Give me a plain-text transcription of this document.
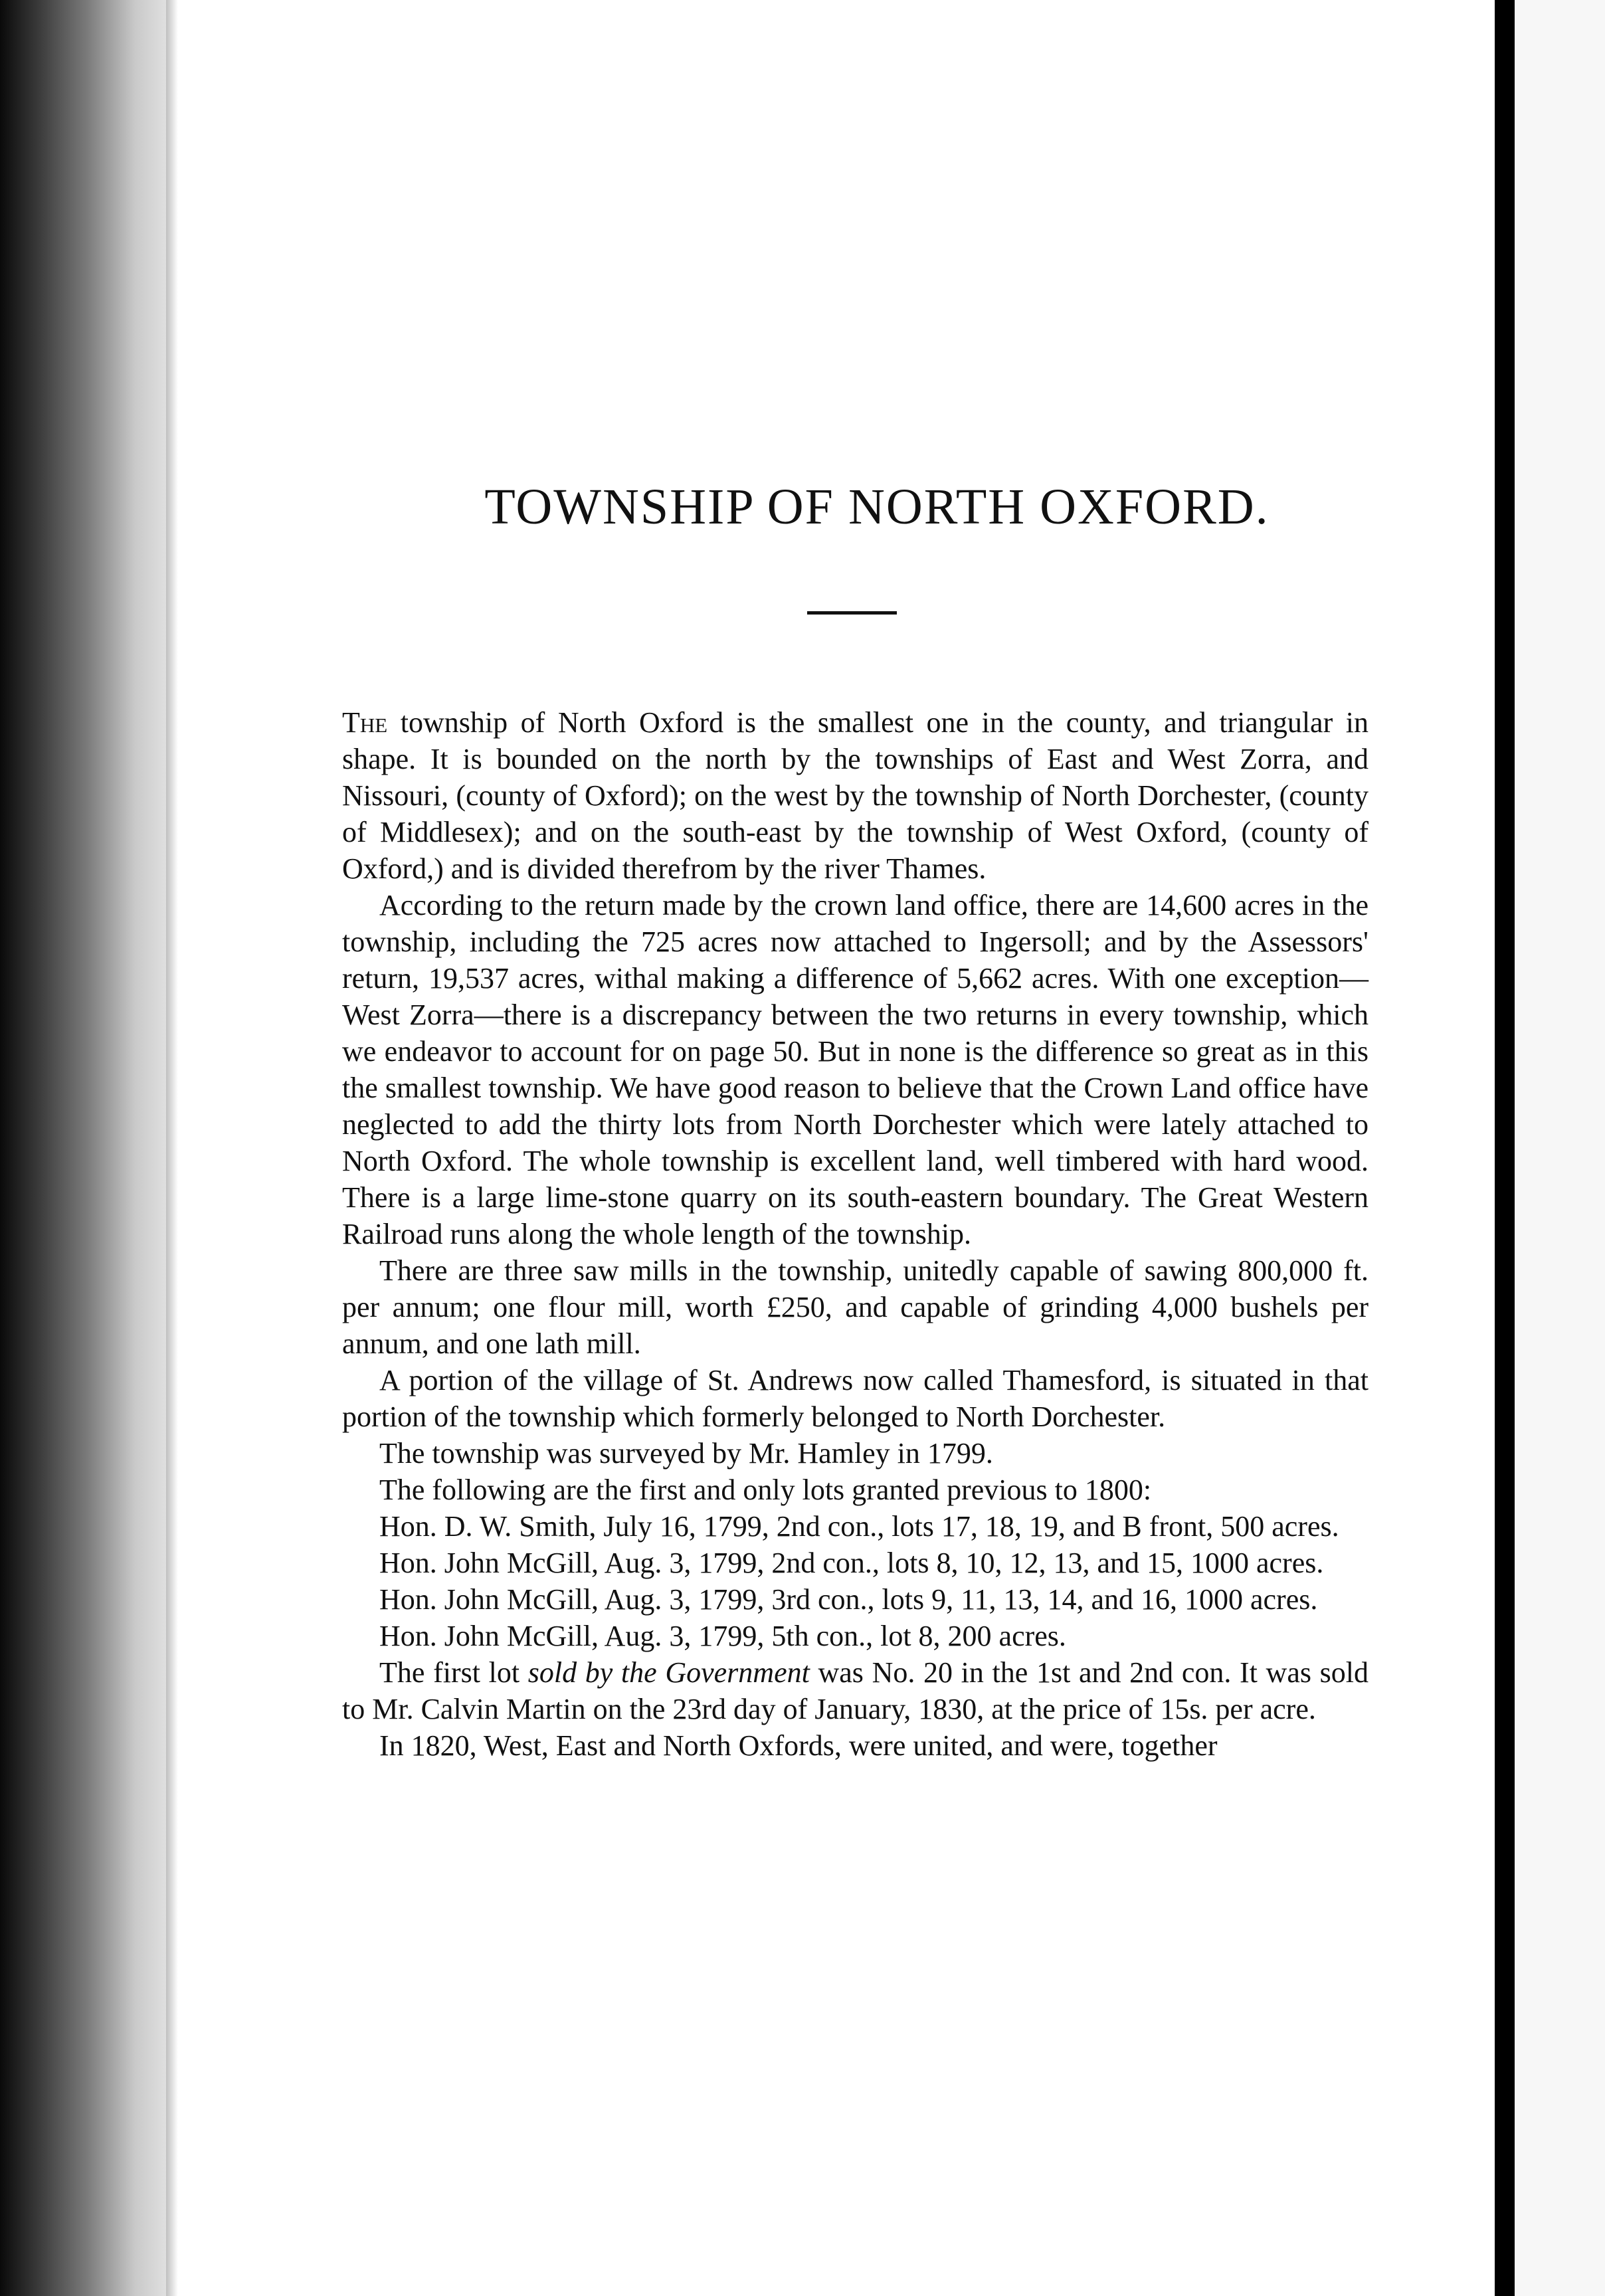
TOWNSHIP OF NORTH OXFORD.

The township of North Oxford is the smallest one in the county, and triangular in shape. It is bounded on the north by the townships of East and West Zorra, and Nissouri, (county of Oxford); on the west by the township of North Dorchester, (county of Middlesex); and on the south-east by the township of West Oxford, (county of Oxford,) and is divided therefrom by the river Thames.

According to the return made by the crown land office, there are 14,600 acres in the township, including the 725 acres now attached to Ingersoll; and by the Assessors' return, 19,537 acres, withal making a difference of 5,662 acres. With one exception—West Zorra—there is a discrepancy between the two returns in every township, which we endeavor to account for on page 50. But in none is the difference so great as in this the smallest township. We have good reason to believe that the Crown Land office have neglected to add the thirty lots from North Dorchester which were lately attached to North Oxford. The whole township is excellent land, well timbered with hard wood. There is a large lime-stone quarry on its south-eastern boundary. The Great Western Railroad runs along the whole length of the township.

There are three saw mills in the township, unitedly capable of sawing 800,000 ft. per annum; one flour mill, worth £250, and capable of grinding 4,000 bushels per annum, and one lath mill.

A portion of the village of St. Andrews now called Thamesford, is situated in that portion of the township which formerly belonged to North Dorchester.

The township was surveyed by Mr. Hamley in 1799.

The following are the first and only lots granted previous to 1800:

Hon. D. W. Smith, July 16, 1799, 2nd con., lots 17, 18, 19, and B front, 500 acres.

Hon. John McGill, Aug. 3, 1799, 2nd con., lots 8, 10, 12, 13, and 15, 1000 acres.

Hon. John McGill, Aug. 3, 1799, 3rd con., lots 9, 11, 13, 14, and 16, 1000 acres.

Hon. John McGill, Aug. 3, 1799, 5th con., lot 8, 200 acres.

The first lot sold by the Government was No. 20 in the 1st and 2nd con. It was sold to Mr. Calvin Martin on the 23rd day of January, 1830, at the price of 15s. per acre.

In 1820, West, East and North Oxfords, were united, and were, together
